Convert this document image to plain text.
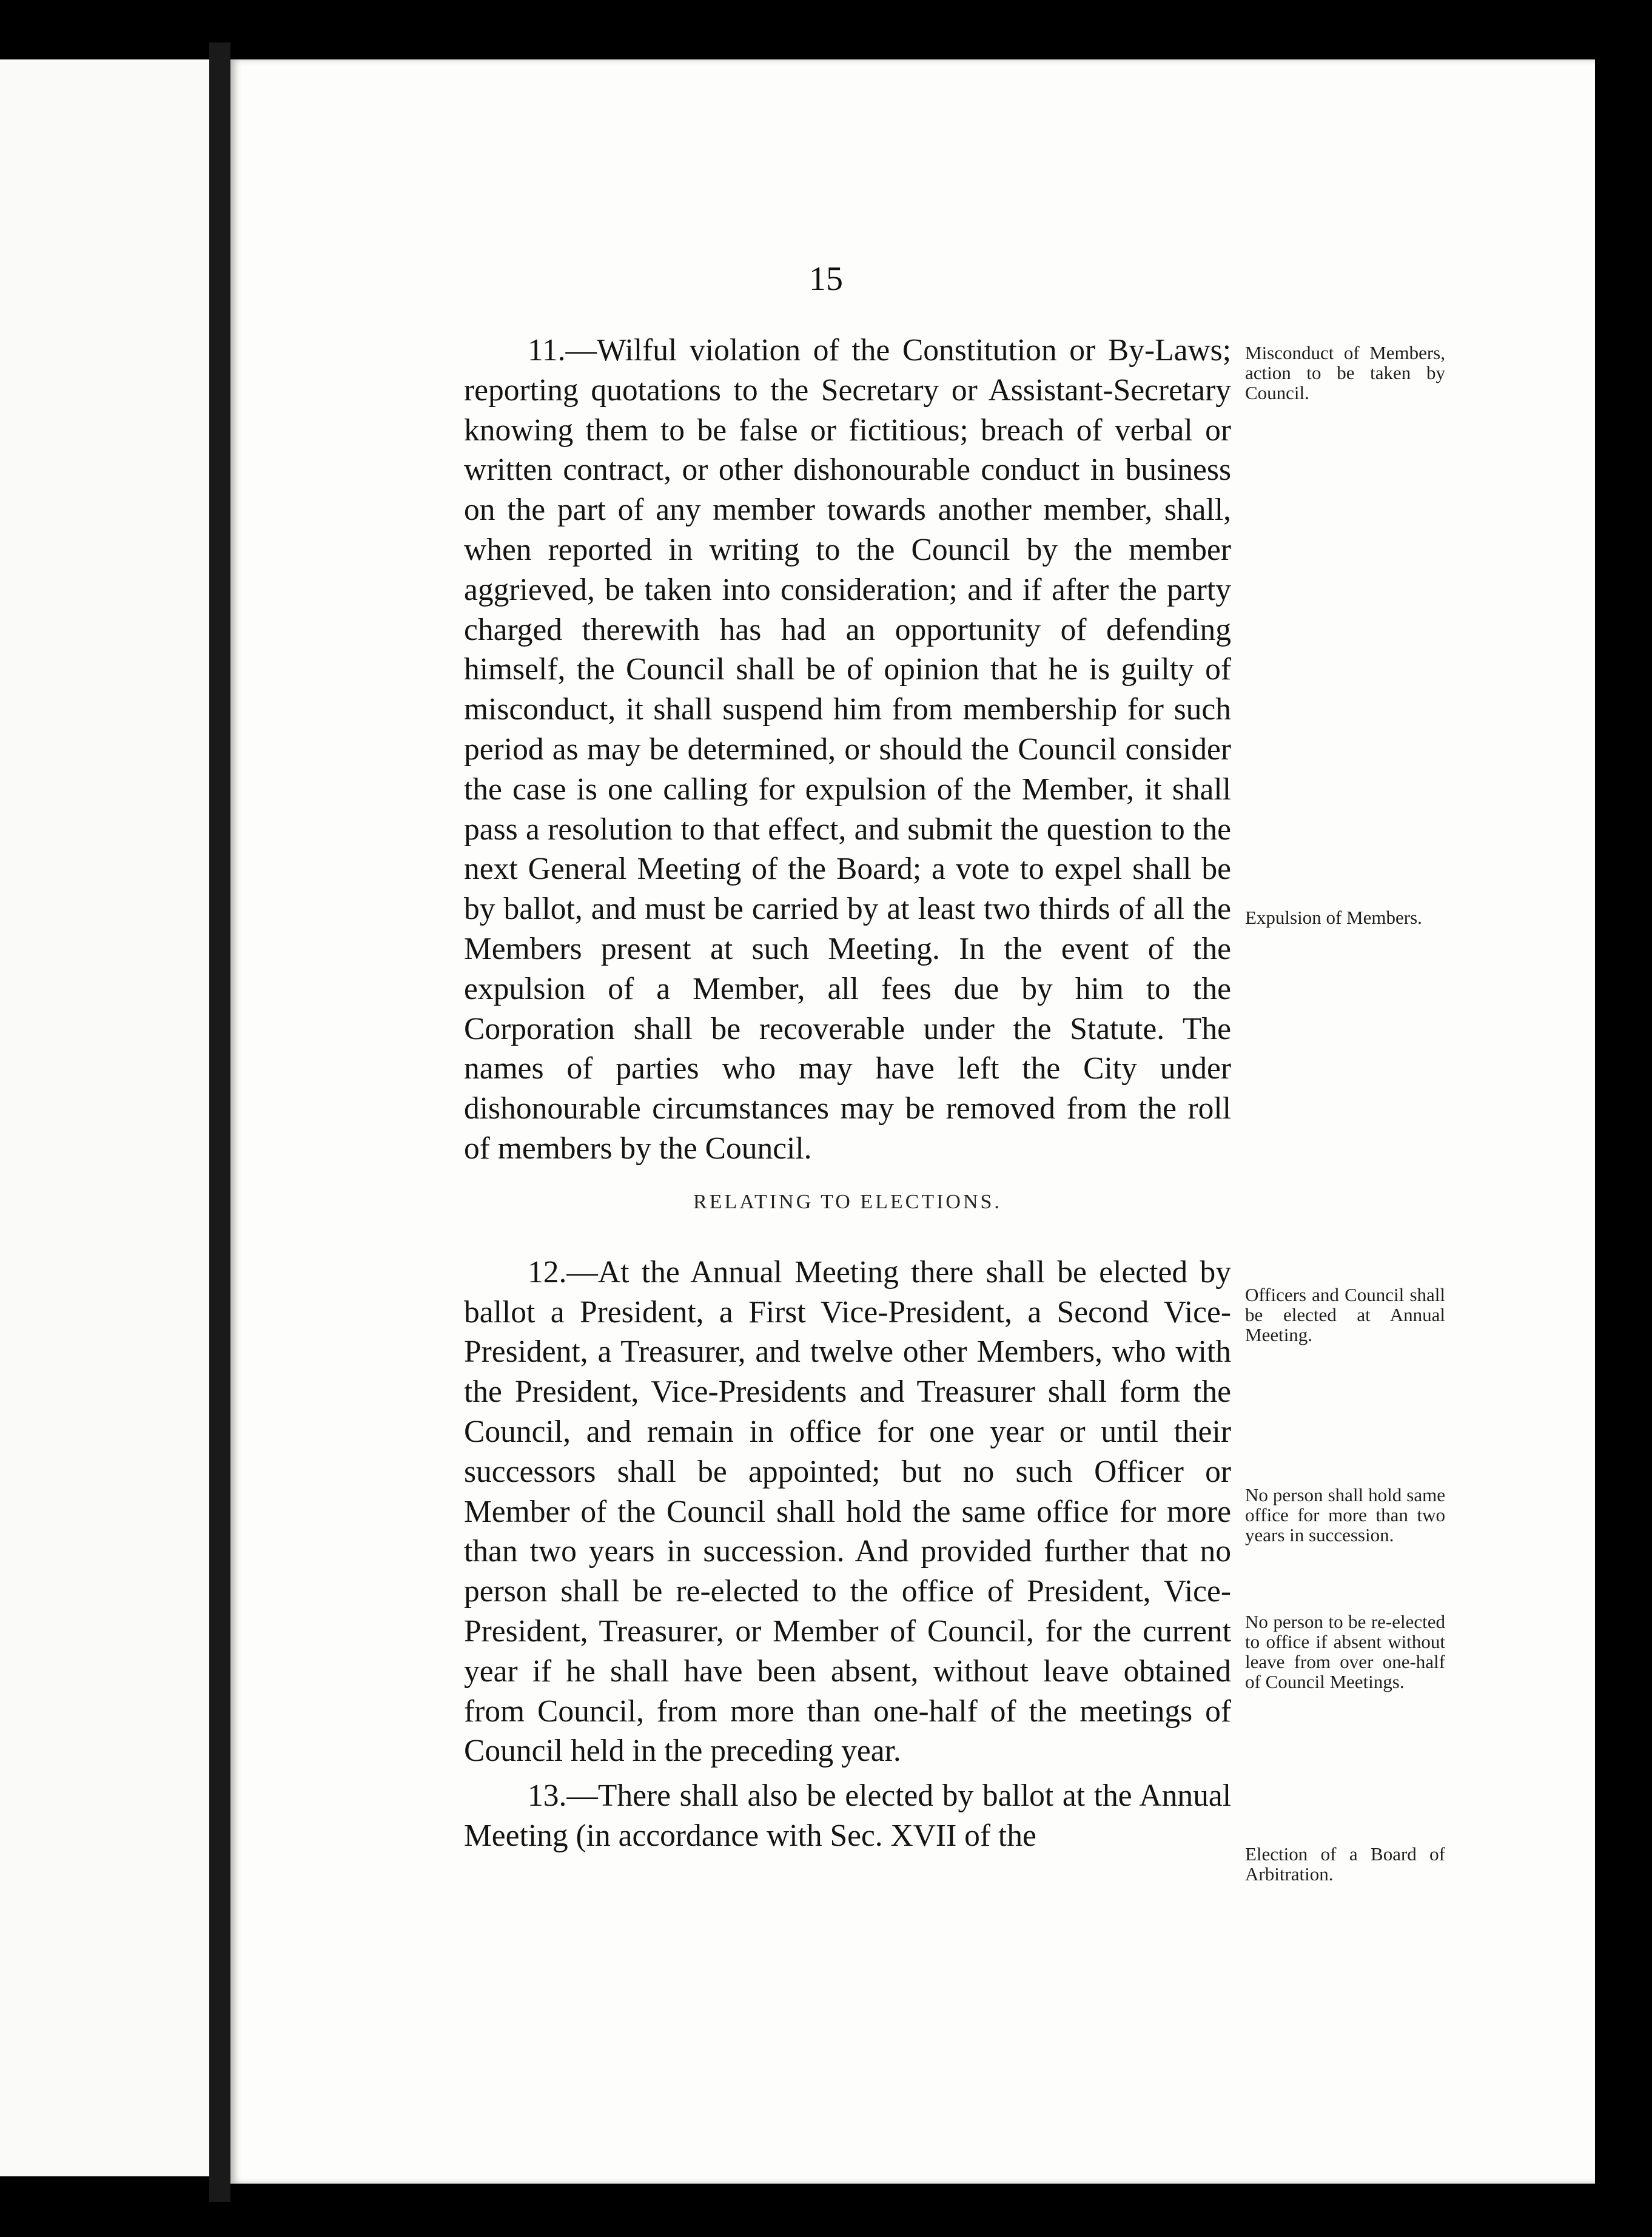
15

11.—Wilful violation of the Constitution or By-Laws; reporting quotations to the Secretary or Assistant-Secretary knowing them to be false or fictitious; breach of verbal or written contract, or other dishonourable conduct in business on the part of any member towards another member, shall, when reported in writing to the Council by the member aggrieved, be taken into consideration; and if after the party charged therewith has had an opportunity of defending himself, the Council shall be of opinion that he is guilty of misconduct, it shall suspend him from membership for such period as may be determined, or should the Council consider the case is one calling for expulsion of the Member, it shall pass a resolution to that effect, and submit the question to the next General Meeting of the Board; a vote to expel shall be by ballot, and must be carried by at least two thirds of all the Members present at such Meeting. In the event of the expulsion of a Member, all fees due by him to the Corporation shall be recoverable under the Statute. The names of parties who may have left the City under dishonourable circumstances may be removed from the roll of members by the Council.

RELATING TO ELECTIONS.

12.—At the Annual Meeting there shall be elected by ballot a President, a First Vice-President, a Second Vice-President, a Treasurer, and twelve other Members, who with the President, Vice-Presidents and Treasurer shall form the Council, and remain in office for one year or until their successors shall be appointed; but no such Officer or Member of the Council shall hold the same office for more than two years in succession. And provided further that no person shall be re-elected to the office of President, Vice-President, Treasurer, or Member of Council, for the current year if he shall have been absent, without leave obtained from Council, from more than one-half of the meetings of Council held in the preceding year.

13.—There shall also be elected by ballot at the Annual Meeting (in accordance with Sec. XVII of the

Misconduct of Members, action to be taken by Council.
Expulsion of Members.
Officers and Council shall be elected at Annual Meeting.
No person shall hold same office for more than two years in succession.
No person to be re-elected to office if absent without leave from over one-half of Council Meetings.
Election of a Board of Arbitration.
